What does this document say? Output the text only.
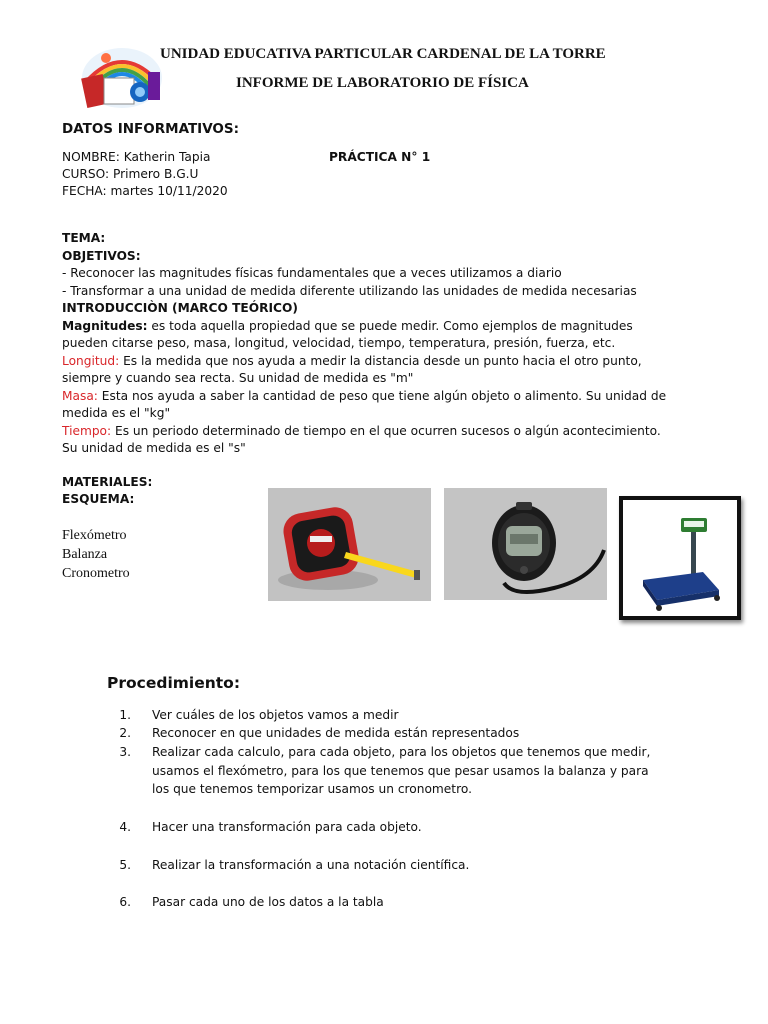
UNIDAD EDUCATIVA PARTICULAR CARDENAL DE LA TORRE
INFORME DE LABORATORIO DE FÍSICA
DATOS INFORMATIVOS:
NOMBRE: Katherin Tapia	PRÁCTICA N° 1
CURSO: Primero B.G.U
FECHA: martes 10/11/2020
TEMA:
OBJETIVOS:
- Reconocer las magnitudes físicas fundamentales que a veces utilizamos a diario
- Transformar a una unidad de medida diferente utilizando las unidades de medida necesarias
INTRODUCCIÒN (MARCO TEÓRICO)
Magnitudes: es toda aquella propiedad que se puede medir. Como ejemplos de magnitudes pueden citarse peso, masa, longitud, velocidad, tiempo, temperatura, presión, fuerza, etc.
Longitud: Es la medida que nos ayuda a medir la distancia desde un punto hacia el otro punto, siempre y cuando sea recta. Su unidad de medida es "m"
Masa: Esta nos ayuda a saber la cantidad de peso que tiene algún objeto o alimento. Su unidad de medida es el "kg"
Tiempo: Es un periodo determinado de tiempo en el que ocurren sucesos o algún acontecimiento. Su unidad de medida es el "s"
MATERIALES:
ESQUEMA:
Flexómetro
Balanza
Cronometro
Procedimiento:
1. Ver cuáles de los objetos vamos a medir
2. Reconocer en que unidades de medida están representados
3. Realizar cada calculo, para cada objeto, para los objetos que tenemos que medir, usamos el flexómetro, para los que tenemos que pesar usamos la balanza y para los que tenemos temporizar usamos un cronometro.
4. Hacer una transformación para cada objeto.
5. Realizar la transformación a una notación científica.
6. Pasar cada uno de los datos a la tabla
